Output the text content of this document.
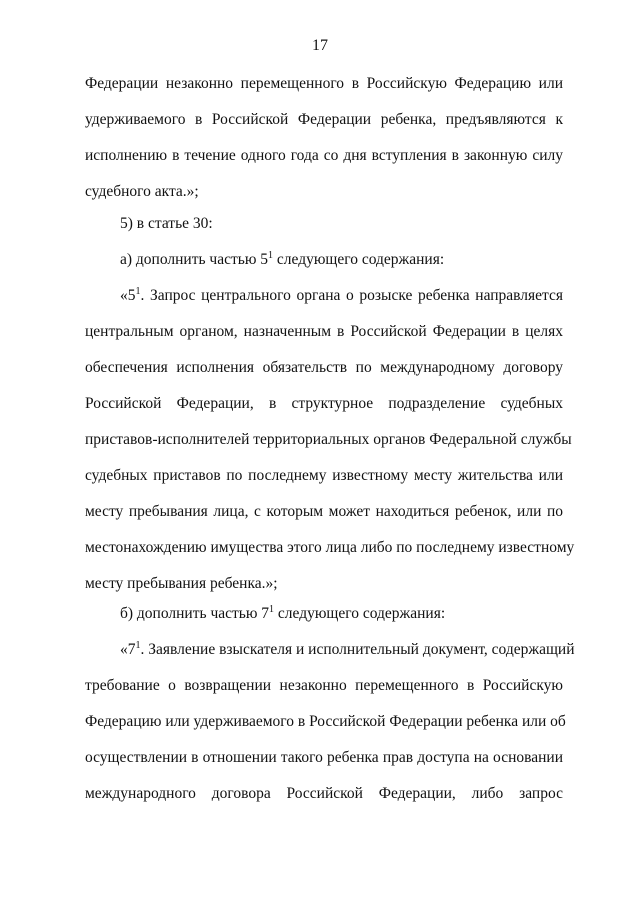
17
Федерации незаконно перемещенного в Российскую Федерацию или
удерживаемого в Российской Федерации ребенка, предъявляются к
исполнению в течение одного года со дня вступления в законную силу
судебного акта.»;
5) в статье 30:
а) дополнить частью $5^1$ следующего содержания:
«$5^1$. Запрос центрального органа о розыске ребенка направляется
центральным органом, назначенным в Российской Федерации в целях
обеспечения исполнения обязательств по международному договору
Российской Федерации, в структурное подразделение судебных
приставов-исполнителей территориальных органов Федеральной службы
судебных приставов по последнему известному месту жительства или
месту пребывания лица, с которым может находиться ребенок, или по
местонахождению имущества этого лица либо по последнему известному
месту пребывания ребенка.»;
б) дополнить частью $7^1$ следующего содержания:
«$7^1$. Заявление взыскателя и исполнительный документ, содержащий
требование о возвращении незаконно перемещенного в Российскую
Федерацию или удерживаемого в Российской Федерации ребенка или об
осуществлении в отношении такого ребенка прав доступа на основании
международного договора Российской Федерации, либо запрос
